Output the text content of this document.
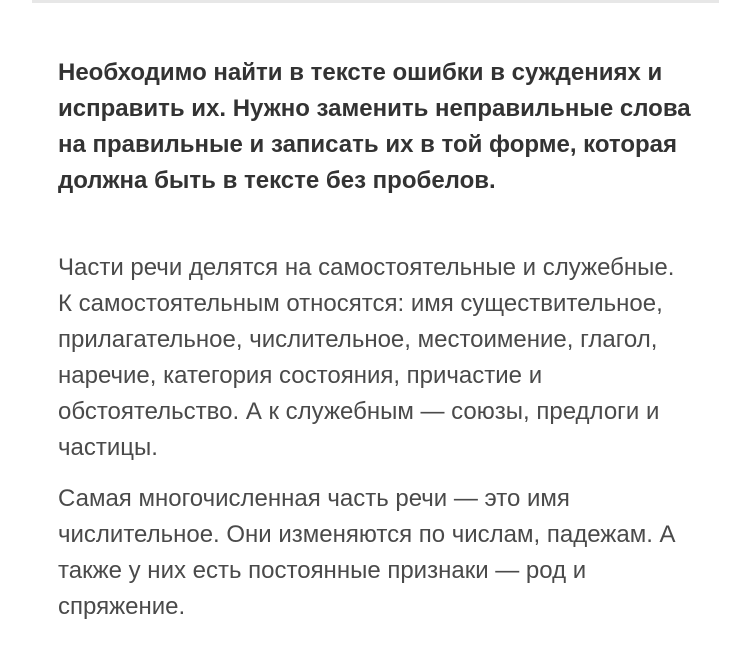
Необходимо найти в тексте ошибки в суждениях и исправить их. Нужно заменить неправильные слова на правильные и записать их в той форме, которая должна быть в тексте без пробелов.

Части речи делятся на самостоятельные и служебные. К самостоятельным относятся: имя существительное, прилагательное, числительное, местоимение, глагол, наречие, категория состояния, причастие и обстоятельство. А к служебным — союзы, предлоги и частицы.

Самая многочисленная часть речи — это имя числительное. Они изменяются по числам, падежам. А также у них есть постоянные признаки — род и спряжение.
